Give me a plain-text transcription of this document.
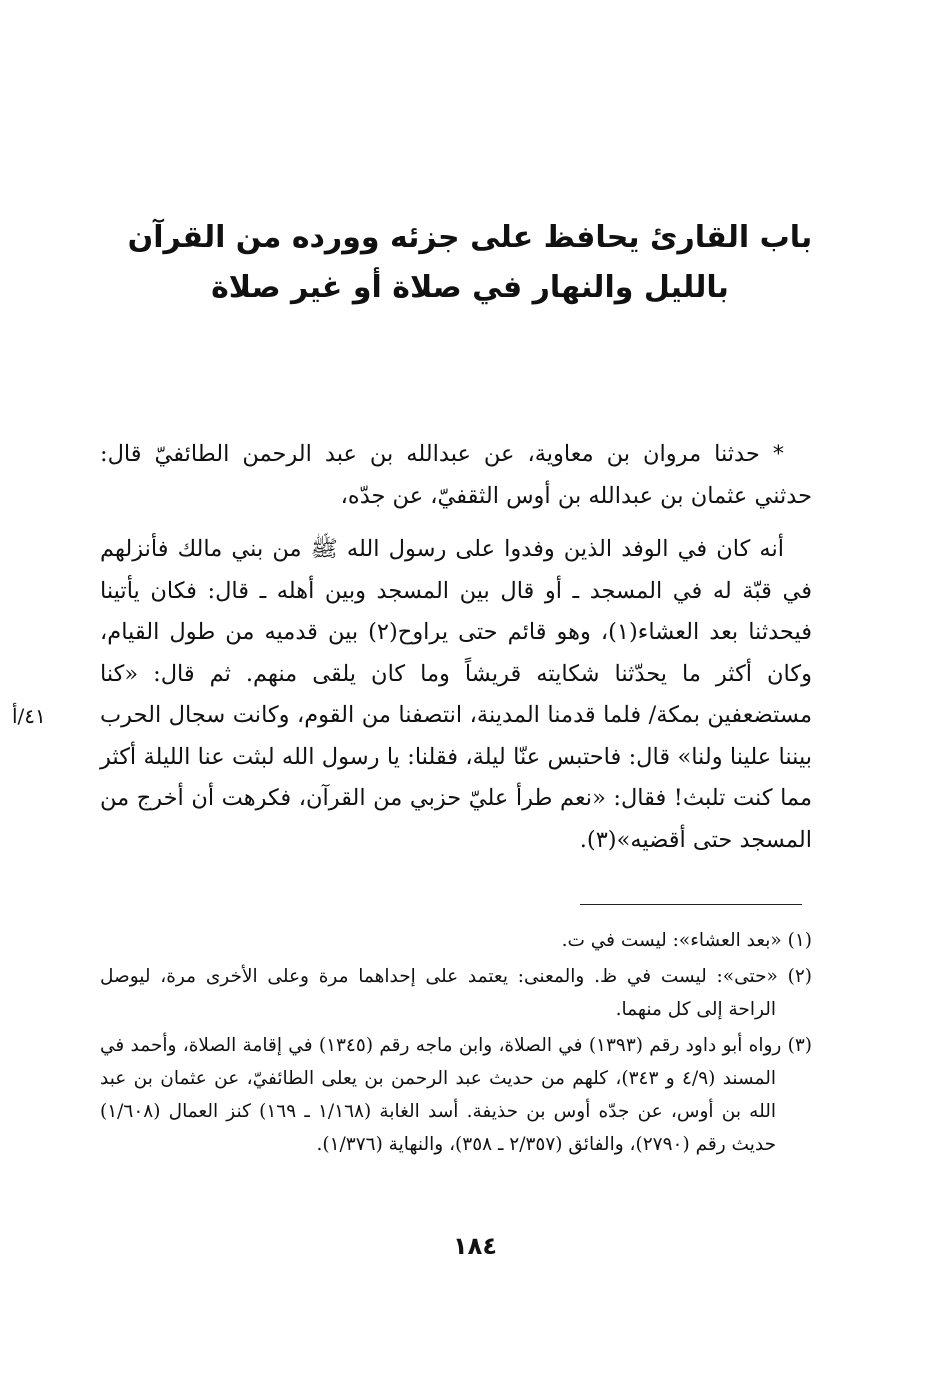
باب القارئ يحافظ على جزئه وورده من القرآن
بالليل والنهار في صلاة أو غير صلاة

* حدثنا مروان بن معاوية، عن عبدالله بن عبد الرحمن الطائفيّ قال: حدثني عثمان بن عبدالله بن أوس الثقفيّ، عن جدّه،

أنه كان في الوفد الذين وفدوا على رسول الله ﷺ من بني مالك فأنزلهم في قبّة له في المسجد ـ أو قال بين المسجد وبين أهله ـ قال: فكان يأتينا فيحدثنا بعد العشاء(١)، وهو قائم حتى يراوح(٢) بين قدميه من طول القيام، وكان أكثر ما يحدّثنا شكايته قريشاً وما كان يلقى منهم. ثم قال: «كنا مستضعفين بمكة/ فلما قدمنا المدينة، انتصفنا من القوم، وكانت سجال الحرب بيننا علينا ولنا» قال: فاحتبس عنّا ليلة، فقلنا: يا رسول الله لبثت عنا الليلة أكثر مما كنت تلبث! فقال: «نعم طرأ عليّ حزبي من القرآن، فكرهت أن أخرج من المسجد حتى أقضيه»(٣).

٤١/أ

(١) «بعد العشاء»: ليست في ت.

(٢) «حتى»: ليست في ظ. والمعنى: يعتمد على إحداهما مرة وعلى الأخرى مرة، ليوصل الراحة إلى كل منهما.

(٣) رواه أبو داود رقم (١٣٩٣) في الصلاة، وابن ماجه رقم (١٣٤٥) في إقامة الصلاة، وأحمد في المسند (٤/٩ و ٣٤٣)، كلهم من حديث عبد الرحمن بن يعلى الطائفيّ، عن عثمان بن عبد الله بن أوس، عن جدّه أوس بن حذيفة. أسد الغابة (١/١٦٨ ـ ١٦٩) كنز العمال (١/٦٠٨) حديث رقم (٢٧٩٠)، والفائق (٢/٣٥٧ ـ ٣٥٨)، والنهاية (١/٣٧٦).

١٨٤
